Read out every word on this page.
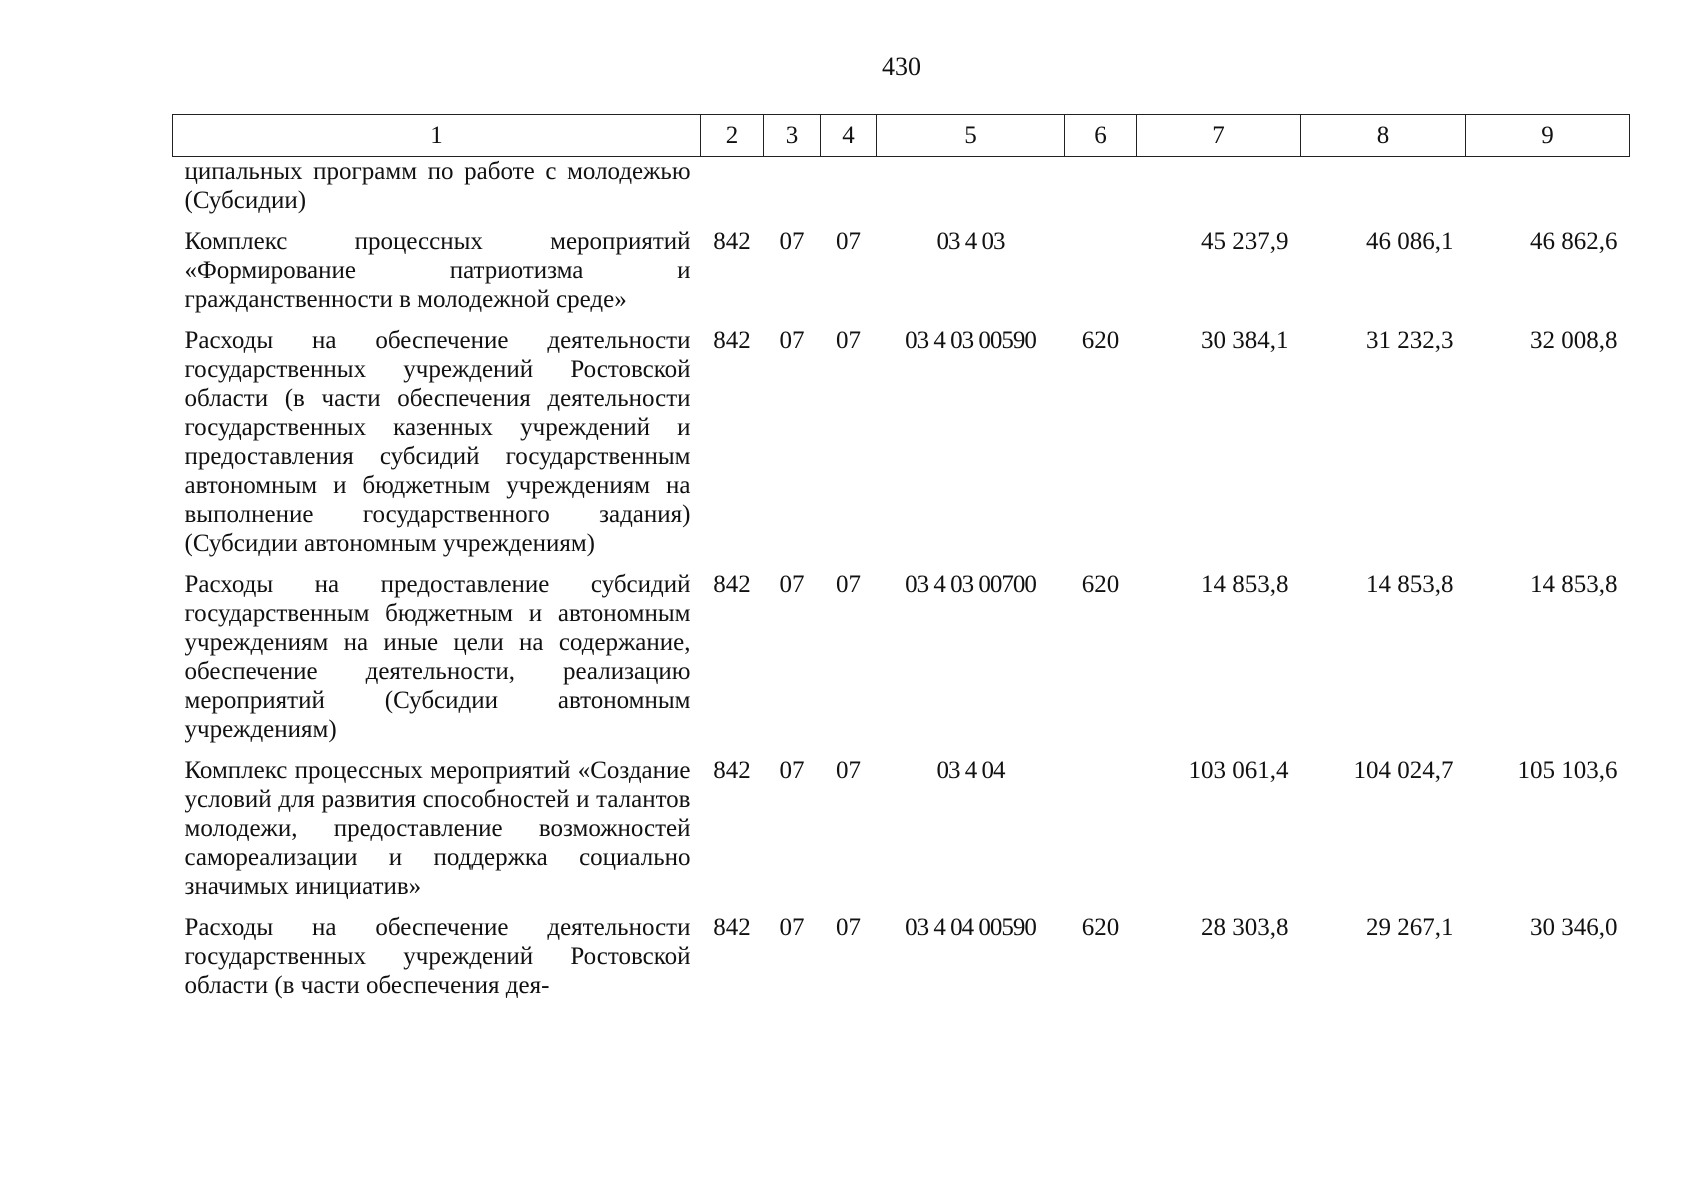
430
1	2	3	4	5	6	7	8	9
ципальных программ по работе с молодежью (Субсидии)								
Комплекс процессных мероприятий «Формирование патриотизма и гражданственности в молодежной среде»	842	07	07	03 4 03		45 237,9	46 086,1	46 862,6
Расходы на обеспечение деятельности государственных учреждений Ростовской области (в части обеспечения деятельности государственных казенных учреждений и предоставления субсидий государственным автономным и бюджетным учреждениям на выполнение государственного задания) (Субсидии автономным учреждениям)	842	07	07	03 4 03 00590	620	30 384,1	31 232,3	32 008,8
Расходы на предоставление субсидий государственным бюджетным и автономным учреждениям на иные цели на содержание, обеспечение деятельности, реализацию мероприятий (Субсидии автономным учреждениям)	842	07	07	03 4 03 00700	620	14 853,8	14 853,8	14 853,8
Комплекс процессных мероприятий «Создание условий для развития способностей и талантов молодежи, предоставление возможностей самореализации и поддержка социально значимых инициатив»	842	07	07	03 4 04		103 061,4	104 024,7	105 103,6
Расходы на обеспечение деятельности государственных учреждений Ростовской области (в части обеспечения дея-	842	07	07	03 4 04 00590	620	28 303,8	29 267,1	30 346,0
